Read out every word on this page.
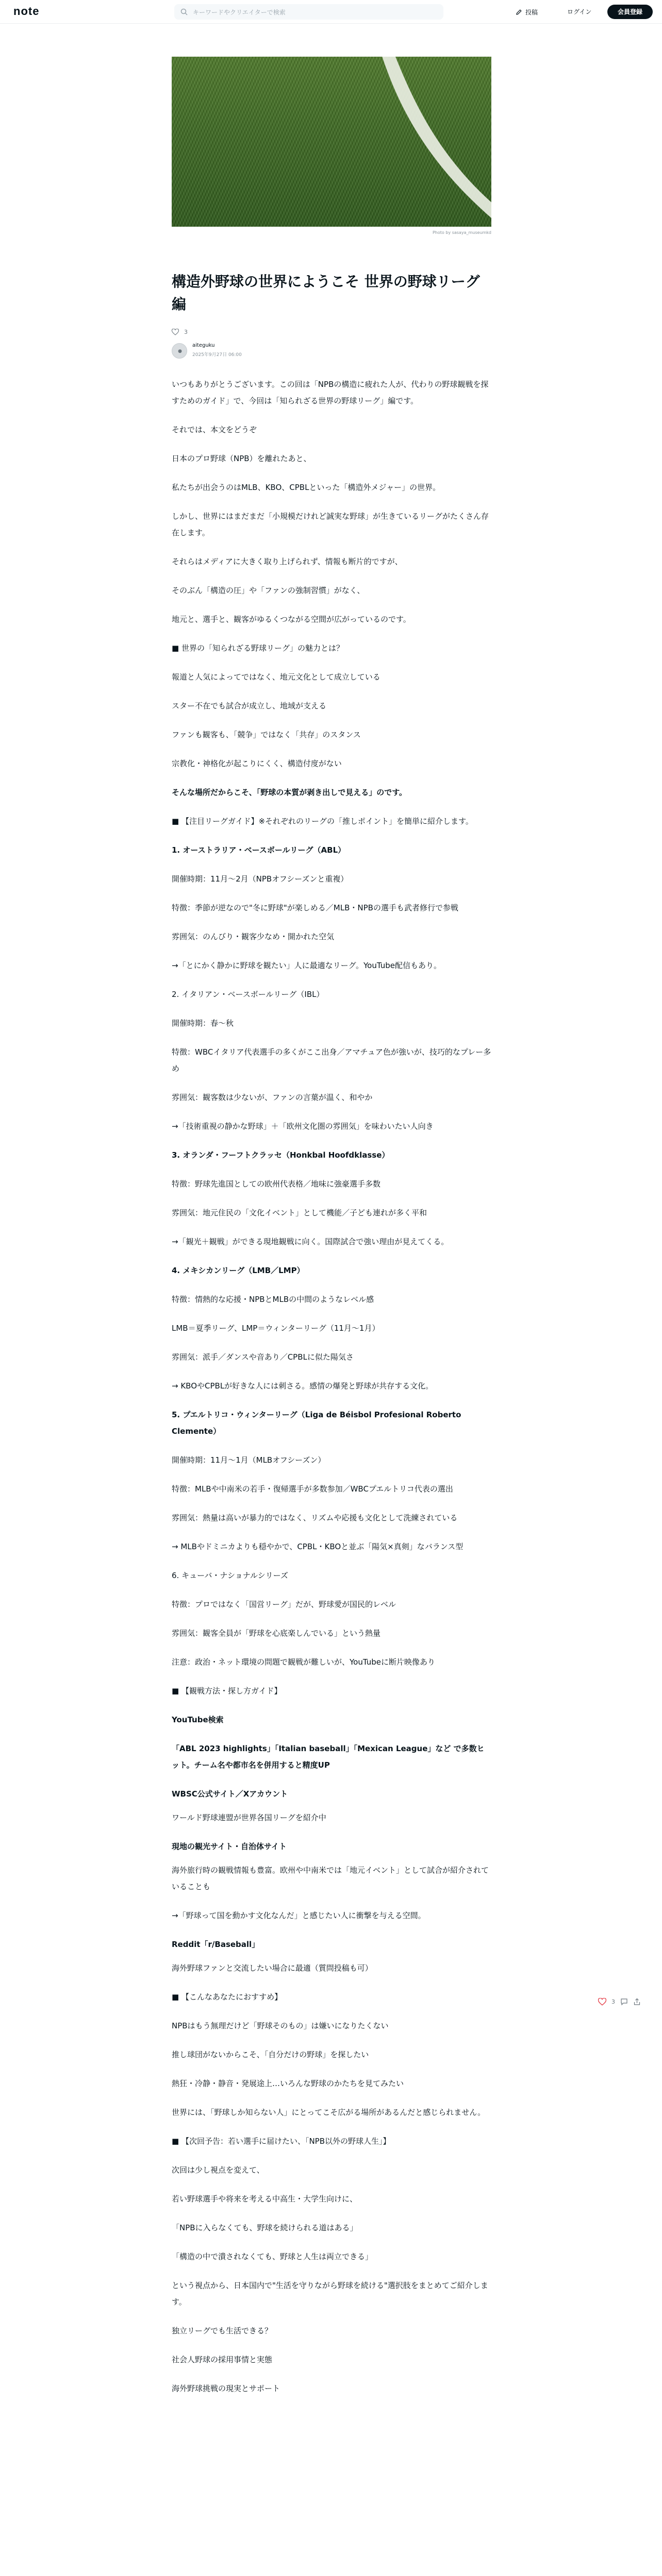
note	キーワードやクリエイターで検索	投稿	ログイン	会員登録
Photo by sasaya_museumkd
構造外野球の世界にようこそ 世界の野球リーグ編
3
●
aiteguku
2025年9月27日 06:00

いつもありがとうございます。この回は「NPBの構造に疲れた人が、代わりの野球観戦を探すためのガイド」で、今回は「知られざる世界の野球リーグ」編です。

それでは、本文をどうぞ

日本のプロ野球（NPB）を離れたあと、

私たちが出会うのはMLB、KBO、CPBLといった「構造外メジャー」の世界。

しかし、世界にはまだまだ「小規模だけれど誠実な野球」が生きているリーグがたくさん存在します。

それらはメディアに大きく取り上げられず、情報も断片的ですが、

そのぶん「構造の圧」や「ファンの強制習慣」がなく、

地元と、選手と、観客がゆるくつながる空間が広がっているのです。

■ 世界の「知られざる野球リーグ」の魅力とは？

報道と人気によってではなく、地元文化として成立している

スター不在でも試合が成立し、地域が支える

ファンも観客も、「競争」ではなく「共存」のスタンス

宗教化・神格化が起こりにくく、構造付度がない

そんな場所だからこそ、「野球の本質が剥き出しで見える」のです。

■ 【注目リーグガイド】※それぞれのリーグの「推しポイント」を簡単に紹介します。

1. オーストラリア・ベースボールリーグ（ABL）

開催時期：11月〜2月（NPBオフシーズンと重複）

特徴：季節が逆なので"冬に野球"が楽しめる／MLB・NPBの選手も武者修行で参戦

雰囲気：のんびり・観客少なめ・開かれた空気

→「とにかく静かに野球を観たい」人に最適なリーグ。YouTube配信もあり。

2. イタリアン・ベースボールリーグ（IBL）

開催時期：春〜秋

特徴：WBCイタリア代表選手の多くがここ出身／アマチュア色が強いが、技巧的なプレー多め

雰囲気：観客数は少ないが、ファンの言葉が温く、和やか

→「技術重視の静かな野球」＋「欧州文化圏の雰囲気」を味わいたい人向き

3. オランダ・フーフトクラッセ（Honkbal Hoofdklasse）

特徴：野球先進国としての欧州代表格／地味に強豪選手多数

雰囲気：地元住民の「文化イベント」として機能／子ども連れが多く平和

→「観光＋観戦」ができる現地観戦に向く。国際試合で強い理由が見えてくる。

4. メキシカンリーグ（LMB／LMP）

特徴：情熱的な応援・NPBとMLBの中間のようなレベル感

LMB＝夏季リーグ、LMP＝ウィンターリーグ（11月〜1月）

雰囲気：派手／ダンスや音あり／CPBLに似た陽気さ

→ KBOやCPBLが好きな人には刺さる。感情の爆発と野球が共存する文化。

5. プエルトリコ・ウィンターリーグ（Liga de Béisbol Profesional Roberto Clemente）

開催時期：11月〜1月（MLBオフシーズン）

特徴：MLBや中南米の若手・復帰選手が多数参加／WBCプエルトリコ代表の選出

雰囲気：熱量は高いが暴力的ではなく、リズムや応援も文化として洗練されている

→ MLBやドミニカよりも穏やかで、CPBL・KBOと並ぶ「陽気×真剣」なバランス型

6. キューバ・ナショナルシリーズ

特徴：プロではなく「国営リーグ」だが、野球愛が国民的レベル

雰囲気：観客全員が「野球を心底楽しんでいる」という熱量

注意：政治・ネット環境の問題で観戦が難しいが、YouTubeに断片映像あり

■ 【観戦方法・探し方ガイド】

YouTube検索

「ABL 2023 highlights」「Italian baseball」「Mexican League」など で多数ヒット。チーム名や都市名を併用すると精度UP

WBSC公式サイト／Xアカウント

ワールド野球連盟が世界各国リーグを紹介中

現地の観光サイト・自治体サイト

海外旅行時の観戦情報も豊富。欧州や中南米では「地元イベント」として試合が紹介されていることも

→「野球って国を動かす文化なんだ」と感じたい人に衝撃を与える空間。

Reddit「r/Baseball」

海外野球ファンと交流したい場合に最適（質問投稿も可）

■ 【こんなあなたにおすすめ】

NPBはもう無理だけど「野球そのもの」は嫌いになりたくない

推し球団がないからこそ、「自分だけの野球」を探したい

熱狂・冷静・静音・発展途上…いろんな野球のかたちを見てみたい

世界には、「野球しか知らない人」にとってこそ広がる場所があるんだと感じられません。

■ 【次回予告：若い選手に届けたい、「NPB以外の野球人生」】

次回は少し視点を変えて、

若い野球選手や将来を考える中高生・大学生向けに、

「NPBに入らなくても、野球を続けられる道はある」

「構造の中で潰されなくても、野球と人生は両立できる」

という視点から、日本国内で"生活を守りながら野球を続ける"選択肢をまとめてご紹介します。

独立リーグでも生活できる？

社会人野球の採用事情と実態

海外野球挑戦の現実とサポート

3
